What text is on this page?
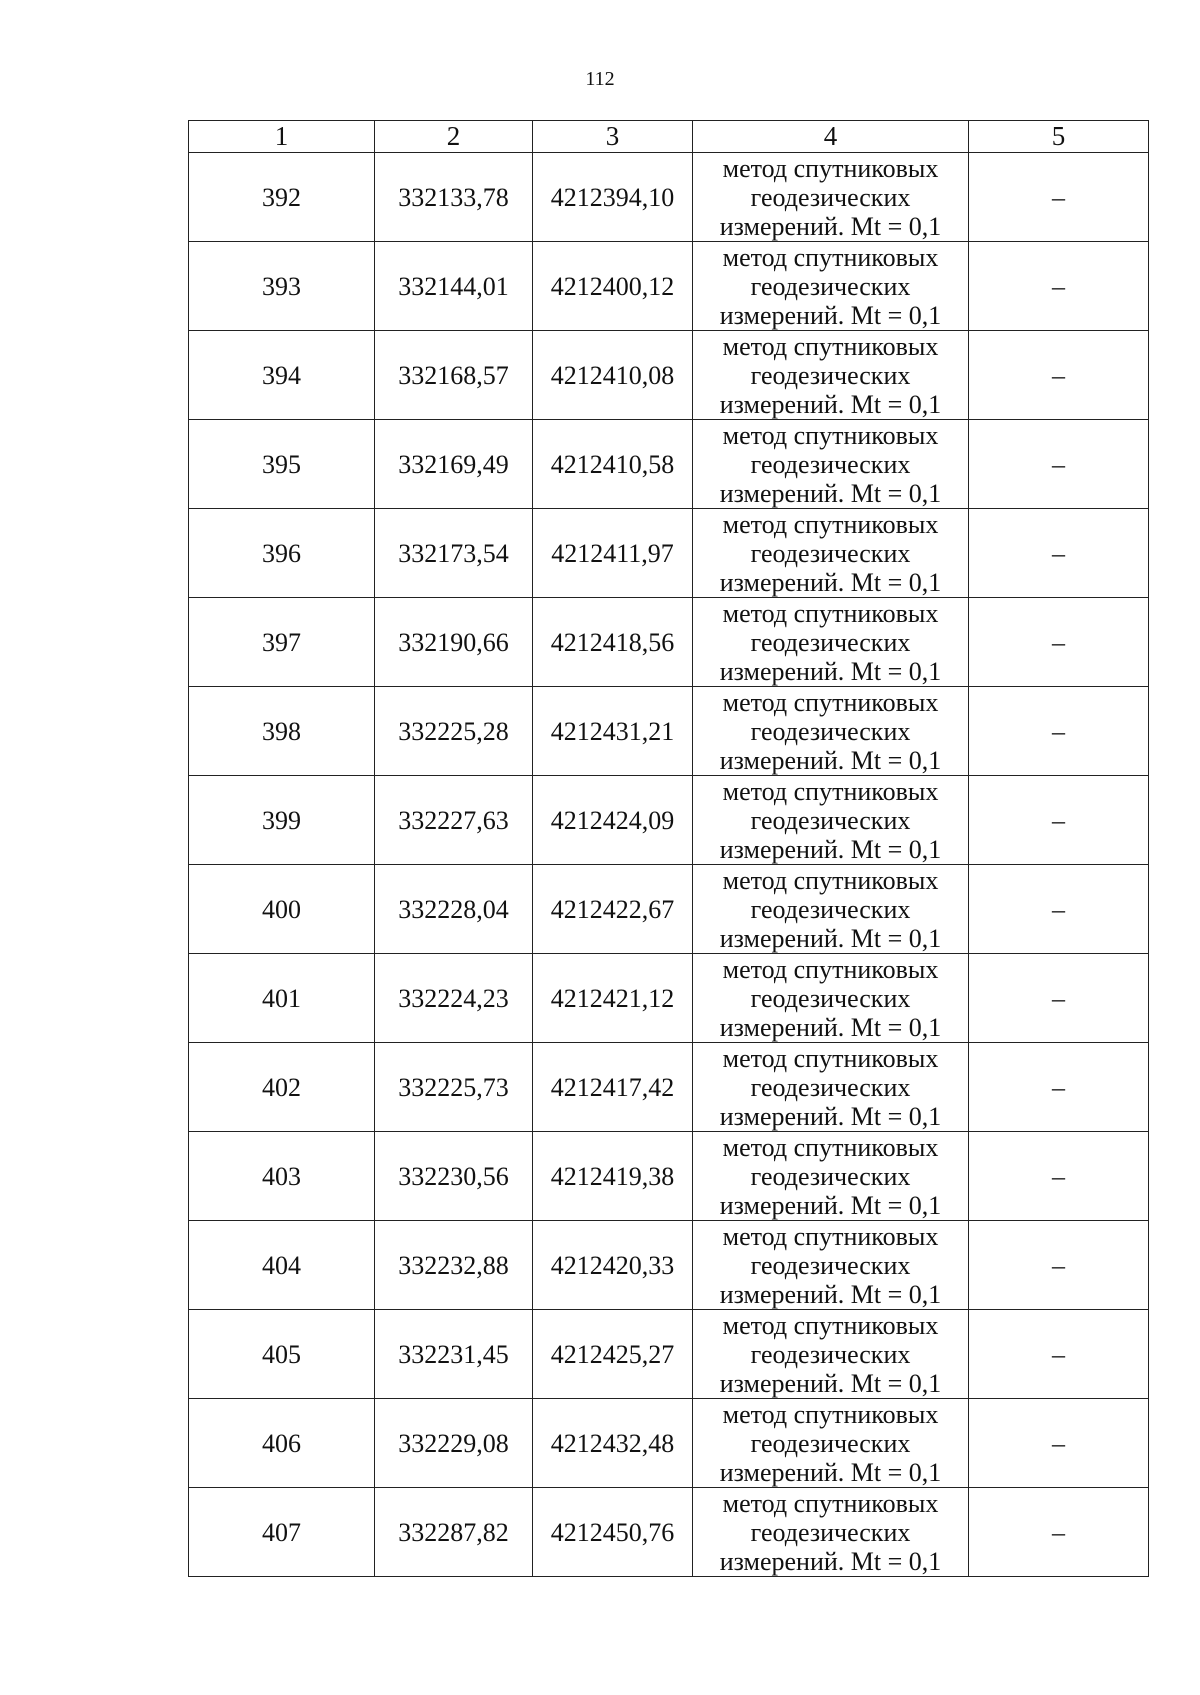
112
1	2	3	4	5
392	332133,78	4212394,10	метод спутниковых
геодезических
измерений. Mt = 0,1	–
393	332144,01	4212400,12	метод спутниковых
геодезических
измерений. Mt = 0,1	–
394	332168,57	4212410,08	метод спутниковых
геодезических
измерений. Mt = 0,1	–
395	332169,49	4212410,58	метод спутниковых
геодезических
измерений. Mt = 0,1	–
396	332173,54	4212411,97	метод спутниковых
геодезических
измерений. Mt = 0,1	–
397	332190,66	4212418,56	метод спутниковых
геодезических
измерений. Mt = 0,1	–
398	332225,28	4212431,21	метод спутниковых
геодезических
измерений. Mt = 0,1	–
399	332227,63	4212424,09	метод спутниковых
геодезических
измерений. Mt = 0,1	–
400	332228,04	4212422,67	метод спутниковых
геодезических
измерений. Mt = 0,1	–
401	332224,23	4212421,12	метод спутниковых
геодезических
измерений. Mt = 0,1	–
402	332225,73	4212417,42	метод спутниковых
геодезических
измерений. Mt = 0,1	–
403	332230,56	4212419,38	метод спутниковых
геодезических
измерений. Mt = 0,1	–
404	332232,88	4212420,33	метод спутниковых
геодезических
измерений. Mt = 0,1	–
405	332231,45	4212425,27	метод спутниковых
геодезических
измерений. Mt = 0,1	–
406	332229,08	4212432,48	метод спутниковых
геодезических
измерений. Mt = 0,1	–
407	332287,82	4212450,76	метод спутниковых
геодезических
измерений. Mt = 0,1	–
